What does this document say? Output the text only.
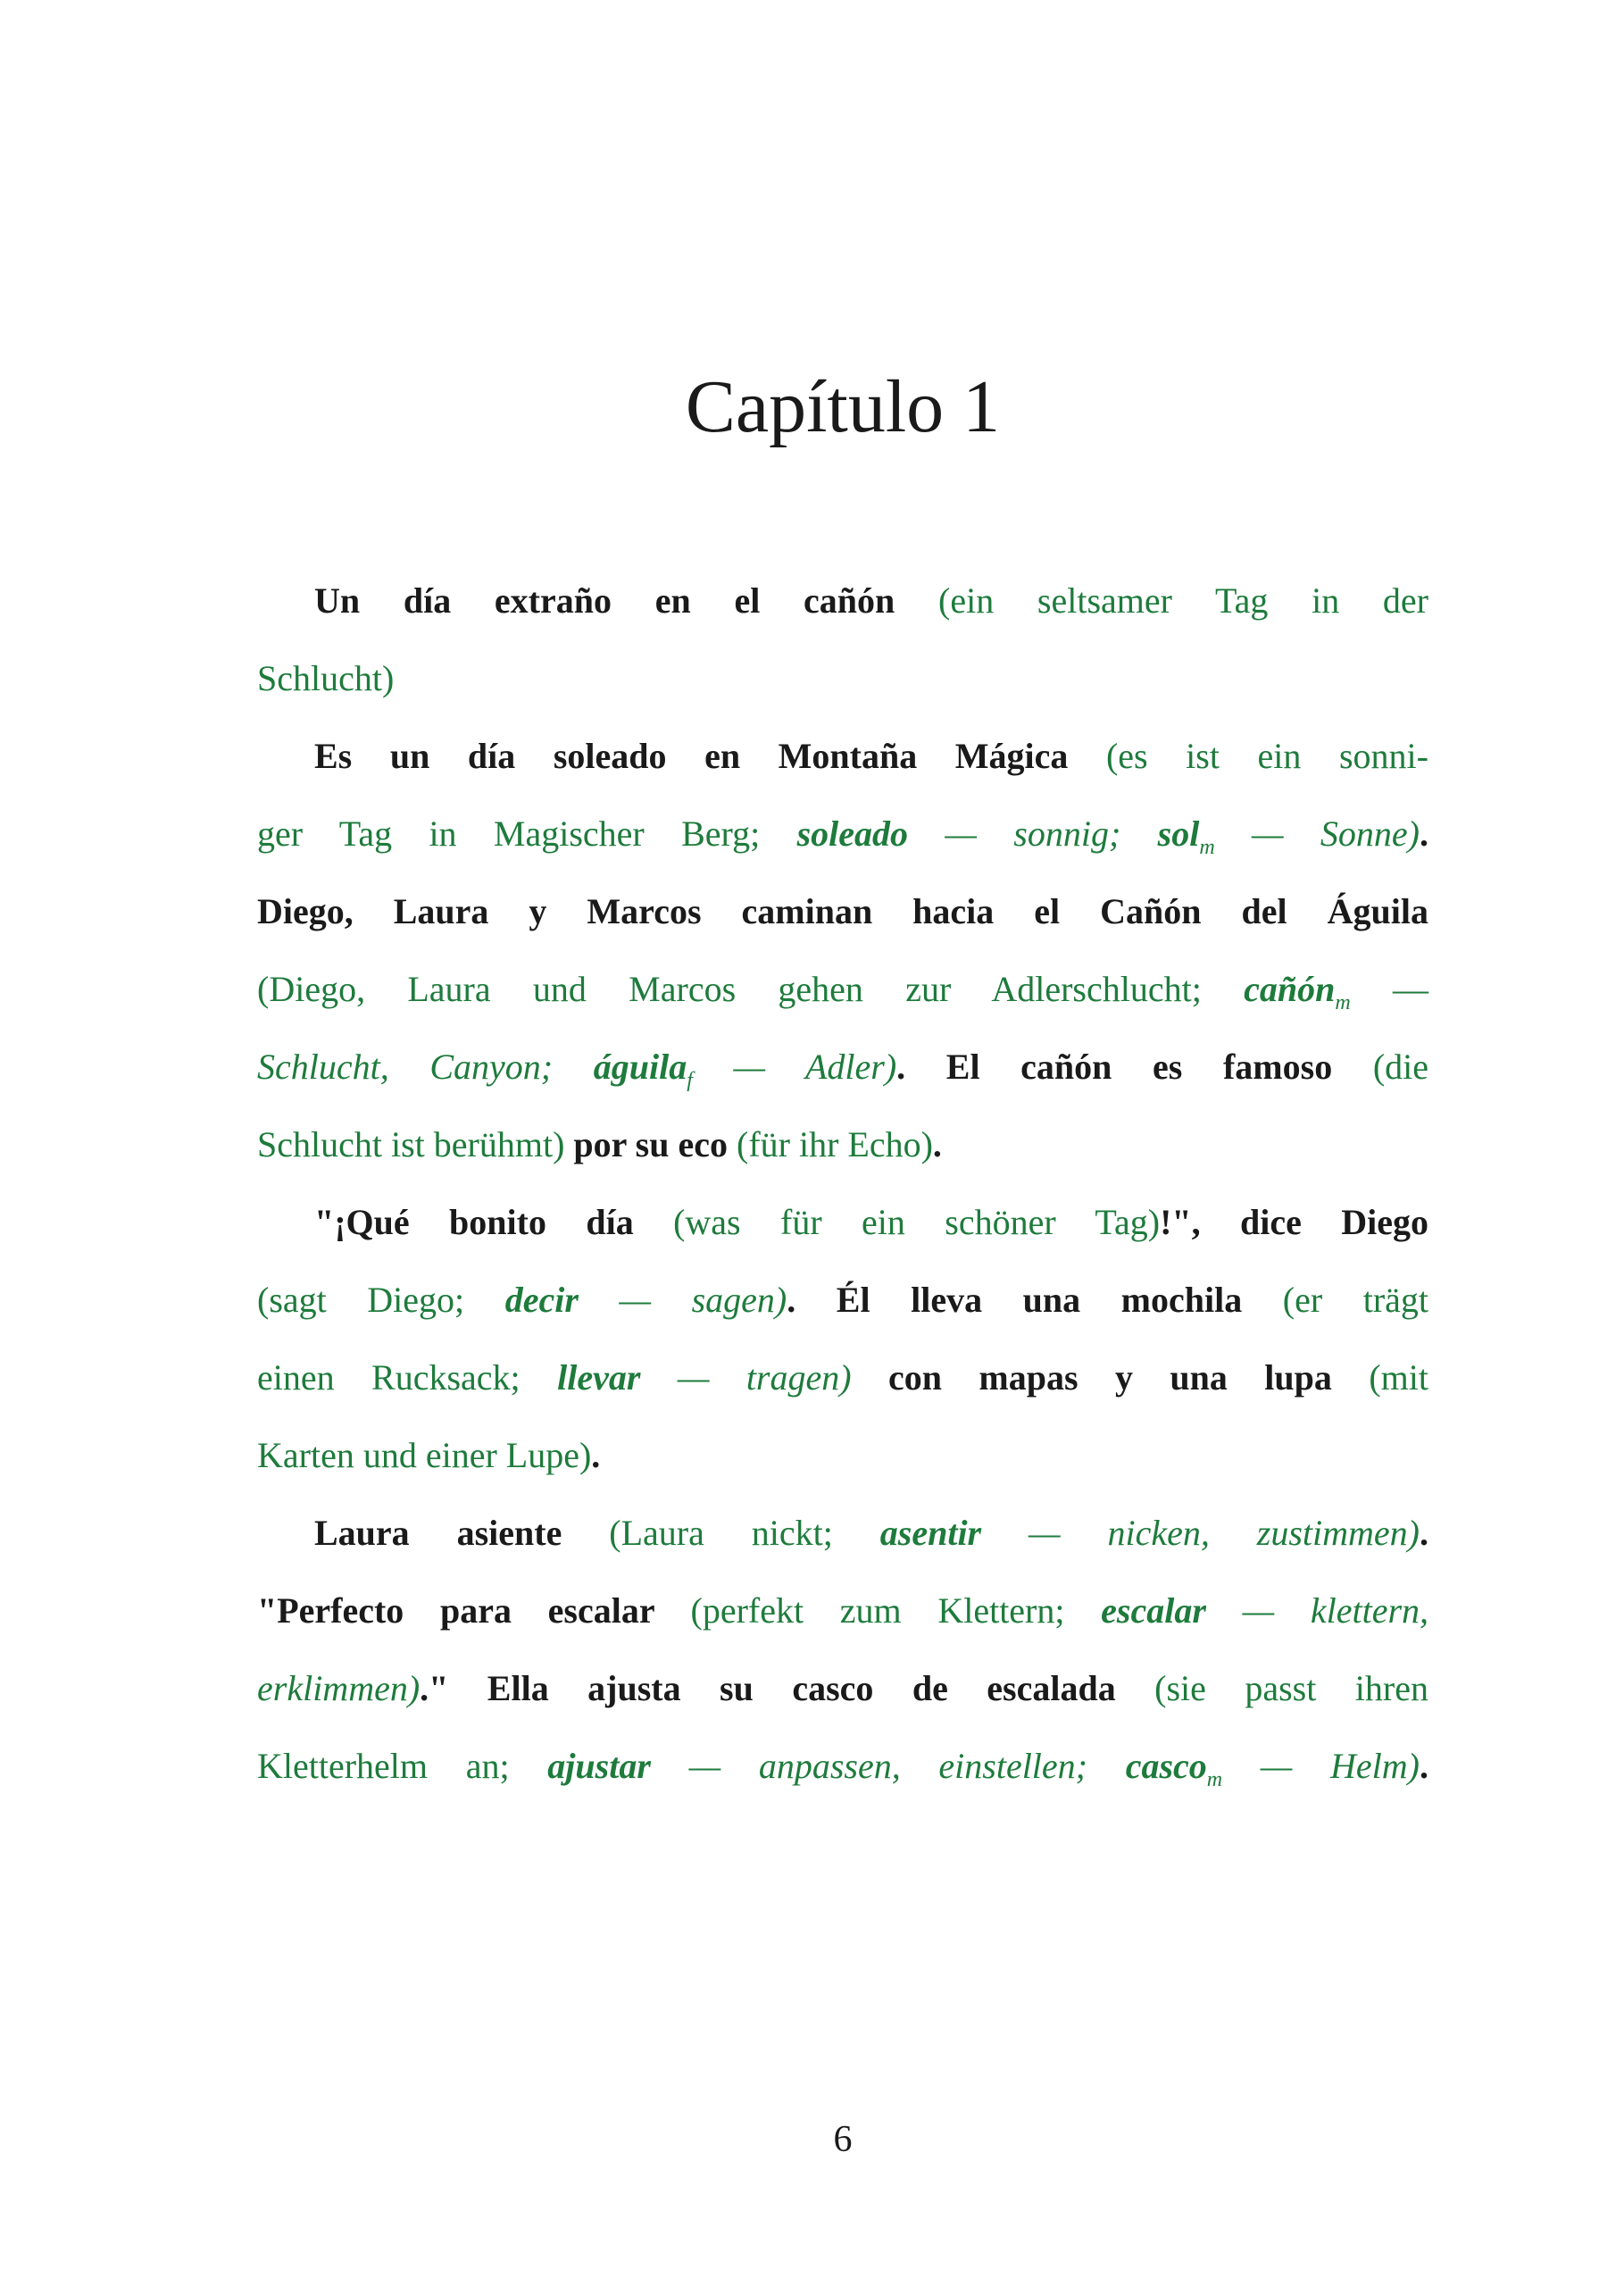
Capítulo 1
Un día extraño en el cañón (ein seltsamer Tag in der
Schlucht)
Es un día soleado en Montaña Mágica (es ist ein sonni-
ger Tag in Magischer Berg; soleado — sonnig; sol$_m$ — Sonne).
Diego, Laura y Marcos caminan hacia el Cañón del Águila
(Diego, Laura und Marcos gehen zur Adlerschlucht; cañón$_m$ —
Schlucht, Canyon; águila$_f$ — Adler). El cañón es famoso (die
Schlucht ist berühmt) por su eco (für ihr Echo).
"¡Qué bonito día (was für ein schöner Tag)!", dice Diego
(sagt Diego; decir — sagen). Él lleva una mochila (er trägt
einen Rucksack; llevar — tragen) con mapas y una lupa (mit
Karten und einer Lupe).
Laura asiente (Laura nickt; asentir — nicken, zustimmen).
"Perfecto para escalar (perfekt zum Klettern; escalar — klettern,
erklimmen)." Ella ajusta su casco de escalada (sie passt ihren
Kletterhelm an; ajustar — anpassen, einstellen; casco$_m$ — Helm).
6
